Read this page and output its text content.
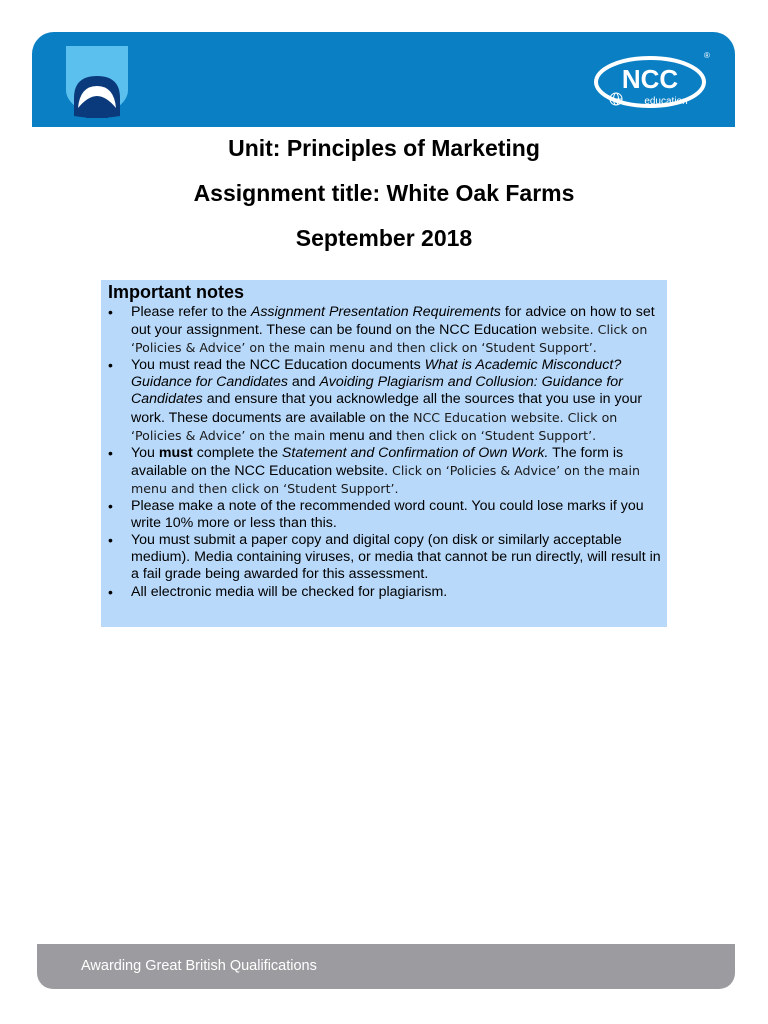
NCC
education
®
Unit: Principles of Marketing
Assignment title: White Oak Farms
September 2018
Important notes
• Please refer to the Assignment Presentation Requirements for advice on how to set out your assignment. These can be found on the NCC Education website. Click on ‘Policies & Advice’ on the main menu and then click on ‘Student Support’.
• You must read the NCC Education documents What is Academic Misconduct? Guidance for Candidates and Avoiding Plagiarism and Collusion: Guidance for Candidates and ensure that you acknowledge all the sources that you use in your work. These documents are available on the NCC Education website. Click on ‘Policies & Advice’ on the main menu and then click on ‘Student Support’.
• You must complete the Statement and Confirmation of Own Work. The form is available on the NCC Education website. Click on ‘Policies & Advice’ on the main menu and then click on ‘Student Support’.
• Please make a note of the recommended word count. You could lose marks if you write 10% more or less than this.
• You must submit a paper copy and digital copy (on disk or similarly acceptable medium). Media containing viruses, or media that cannot be run directly, will result in a fail grade being awarded for this assessment.
• All electronic media will be checked for plagiarism.
Awarding Great British Qualifications
